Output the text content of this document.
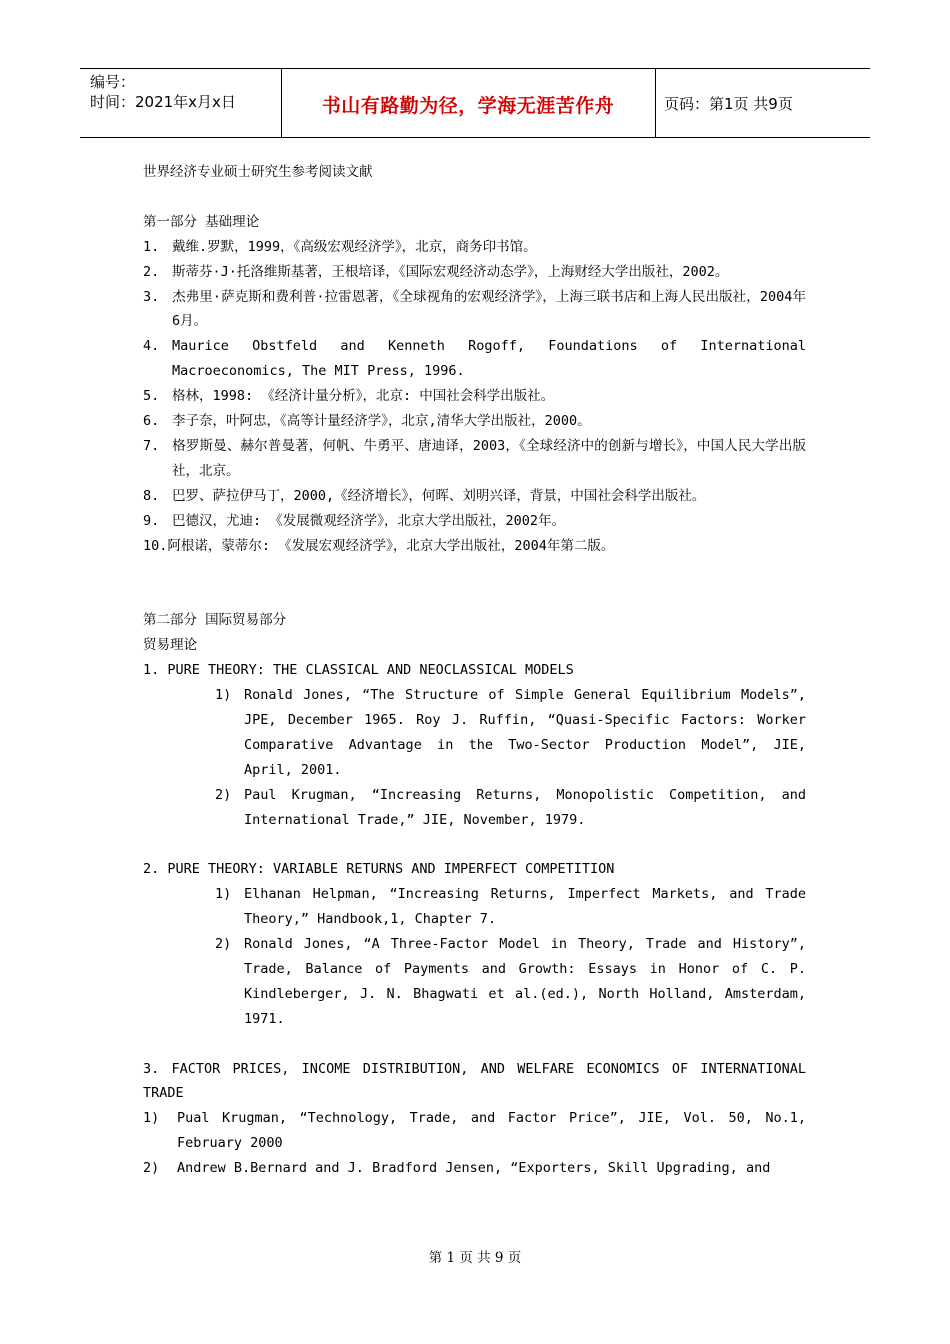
编号：
时间：2021年x月x日	书山有路勤为径，学海无涯苦作舟	页码：第1页 共9页

世界经济专业硕士研究生参考阅读文献

第一部分 基础理论

1. 戴维.罗默，1999，《高级宏观经济学》，北京，商务印书馆。

2. 斯蒂芬·J·托洛维斯基著，王根培译，《国际宏观经济动态学》，上海财经大学出版社，2002。

3. 杰弗里·萨克斯和费利普·拉雷恩著，《全球视角的宏观经济学》，上海三联书店和上海人民出版社，2004年6月。

4. Maurice Obstfeld and Kenneth Rogoff, Foundations of International Macroeconomics, The MIT Press, 1996.

5. 格林，1998: 《经济计量分析》，北京: 中国社会科学出版社。

6. 李子奈，叶阿忠，《高等计量经济学》，北京,清华大学出版社，2000。

7. 格罗斯曼、赫尔普曼著，何帆、牛勇平、唐迪译，2003，《全球经济中的创新与增长》，中国人民大学出版社，北京。

8. 巴罗、萨拉伊马丁，2000,《经济增长》，何晖、刘明兴译，背景，中国社会科学出版社。

9. 巴德汉，尤迪: 《发展微观经济学》，北京大学出版社，2002年。

10.阿根诺，蒙蒂尔: 《发展宏观经济学》，北京大学出版社，2004年第二版。

第二部分 国际贸易部分

贸易理论

1. PURE THEORY: THE CLASSICAL AND NEOCLASSICAL MODELS

1) Ronald Jones, “The Structure of Simple General Equilibrium Models”, JPE, December 1965. Roy J. Ruffin, “Quasi-Specific Factors: Worker Comparative Advantage in the Two-Sector Production Model”, JIE, April, 2001.

2) Paul Krugman, “Increasing Returns, Monopolistic Competition, and International Trade,” JIE, November, 1979.

2. PURE THEORY: VARIABLE RETURNS AND IMPERFECT COMPETITION

1) Elhanan Helpman, “Increasing Returns, Imperfect Markets, and Trade Theory,” Handbook,1, Chapter 7.

2) Ronald Jones, “A Three-Factor Model in Theory, Trade and History”, Trade, Balance of Payments and Growth: Essays in Honor of C. P. Kindleberger, J. N. Bhagwati et al.(ed.), North Holland, Amsterdam, 1971.

3. FACTOR PRICES, INCOME DISTRIBUTION, AND WELFARE ECONOMICS OF INTERNATIONAL TRADE

1) Pual Krugman, “Technology, Trade, and Factor Price”, JIE, Vol. 50, No.1, February 2000

2) Andrew B.Bernard and J. Bradford Jensen, “Exporters, Skill Upgrading, and

第 1 页 共 9 页
